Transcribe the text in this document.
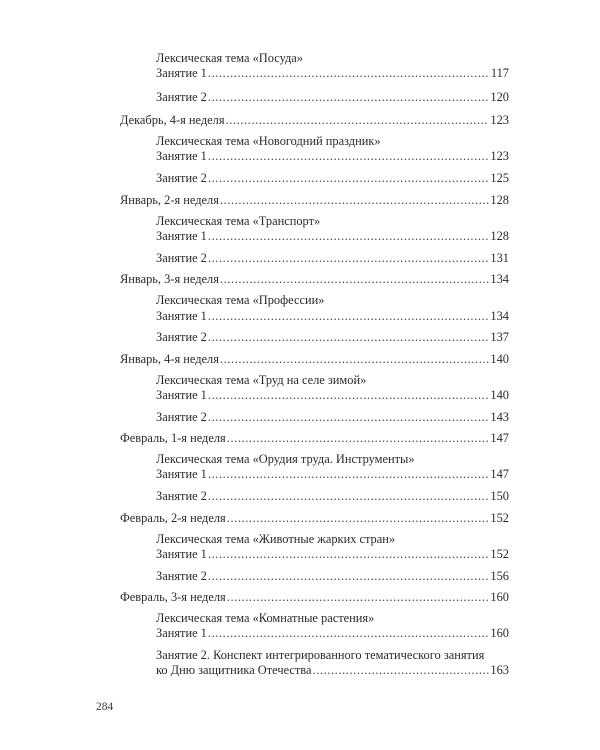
Лексическая тема «Посуда»
Занятие 1 .....	117
Занятие 2 .....	120
Декабрь, 4-я неделя .....	123
Лексическая тема «Новогодний праздник»
Занятие 1 .....	123
Занятие 2 .....	125
Январь, 2-я неделя .....	128
Лексическая тема «Транспорт»
Занятие 1 .....	128
Занятие 2 .....	131
Январь, 3-я неделя .....	134
Лексическая тема «Профессии»
Занятие 1 .....	134
Занятие 2 .....	137
Январь, 4-я неделя .....	140
Лексическая тема «Труд на селе зимой»
Занятие 1 .....	140
Занятие 2 .....	143
Февраль, 1-я неделя .....	147
Лексическая тема «Орудия труда. Инструменты»
Занятие 1 .....	147
Занятие 2 .....	150
Февраль, 2-я неделя .....	152
Лексическая тема «Животные жарких стран»
Занятие 1 .....	152
Занятие 2 .....	156
Февраль, 3-я неделя .....	160
Лексическая тема «Комнатные растения»
Занятие 1 .....	160
Занятие 2. Конспект интегрированного тематического занятия
ко Дню защитника Отечества .....	163
284
